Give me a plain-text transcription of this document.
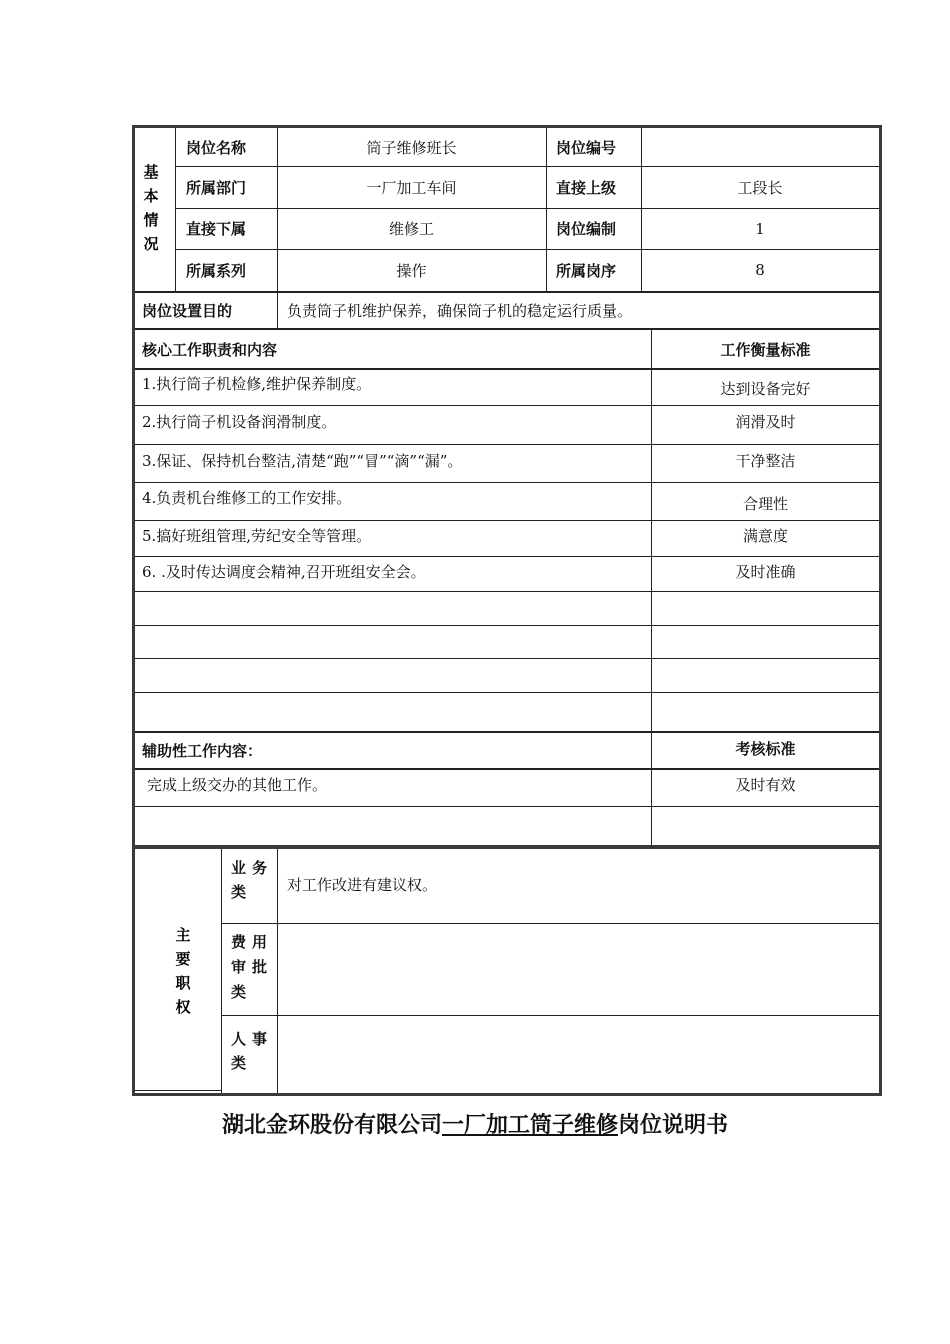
基本情况
岗位名称	筒子维修班长	岗位编号
所属部门	一厂加工车间	直接上级	工段长
直接下属	维修工	岗位编制	1
所属系列	操作	所属岗序	8
岗位设置目的	负责筒子机维护保养，确保筒子机的稳定运行质量。
核心工作职责和内容	工作衡量标准
1.执行筒子机检修,维护保养制度。	达到设备完好
2.执行筒子机设备润滑制度。	润滑及时
3.保证、保持机台整洁,清楚“跑”“冒”“滴”“漏”。	干净整洁
4.负责机台维修工的工作安排。	合理性
5.搞好班组管理,劳纪安全等管理。	满意度
6. .及时传达调度会精神,召开班组安全会。	及时准确
辅助性工作内容：	考核标准
完成上级交办的其他工作。	及时有效
主要职权
业务类	对工作改进有建议权。
费用审批类
人事类
湖北金环股份有限公司一厂加工筒子维修岗位说明书
